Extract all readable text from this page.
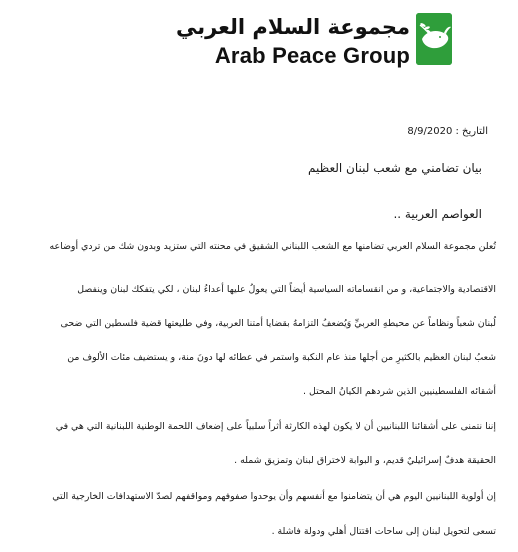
مجموعة السلام العربي
Arab Peace Group
التاريخ : 8/9/2020
بيان تضامني مع شعب لبنان العظيم
العواصم العربية ..
تُعلن مجموعة السلام العربي تضامنها مع الشعب اللبناني الشقيق في محنته التي ستزيد وبدون شك من تردي أوضاعه
الاقتصادية والاجتماعية، و من انقساماته السياسية أيضاً التي يعولُ عليها أعداءُ لبنان ، لكي يتفكك لبنان وينفصل
لُبنان شعباً ونظاماً عن محيطهِ العربيِّ وَيُضعفُ التزامهُ بقضايا أمتنا العربية، وفي طليعتها قضية فلسطين التي ضحى
شعبُ لبنان العظيم بالكثيرِ من أجلها منذ عام النكبة واستمر في عطائه لها دونَ منة، و يستضيف مئات الألوف من
أشقائه الفلسطينيين الذين شردهم الكيانُ المحتل .
إننا نتمنى على أشقائنا اللبنانيين أن لا يكون لهذه الكارثة أثراً سلبياً على إضعاف اللحمة الوطنية اللبنانية التي هي في
الحقيقة هدفٌ إسرائيليٌ قديم، و البوابة لاختراق لبنان وتمزيق شمله .
إن أولوية اللبنانيين اليوم هي أن يتضامنوا مع أنفسهم وأن يوحدوا صفوفهم ومواقفهم لصدّ الاستهدافات الخارجية التي
تسعى لتحويل لبنان إلى ساحات اقتتال أهلي ودولة فاشلة .
